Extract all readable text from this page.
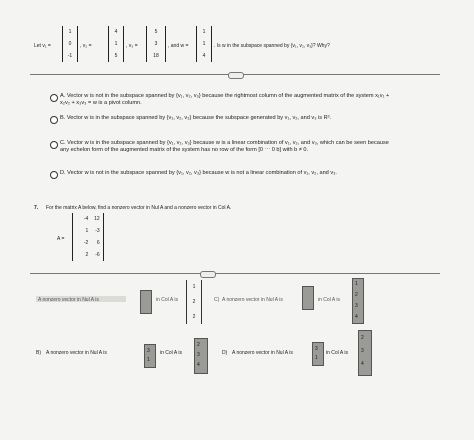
Let v₁ =
1
0
-1
, v₂ =
4
1
5
, v₃ =
5
3
18
, and w =
1
1
4
. Is w in the subspace spanned by {v₁, v₂, v₃}? Why?
A. Vector w is not in the subspace spanned by {v₁, v₂, v₃} because the rightmost column of the augmented matrix of the system x₁v₁ + x₂v₂ + x₃v₃ = w is a pivot column.
B. Vector w is in the subspace spanned by {v₁, v₂, v₃} because the subspace generated by v₁, v₂, and v₃ is R³.
C. Vector w is in the subspace spanned by {v₁, v₂, v₃} because w is a linear combination of v₁, v₂, and v₃, which can be seen because any echelon form of the augmented matrix of the system has no row of the form [0 ⋯ 0 b] with b ≠ 0.
D. Vector w is not in the subspace spanned by {v₁, v₂, v₃} because w is not a linear combination of v₁, v₂, and v₃.
7. For the matrix A below, find a nonzero vector in Nul A and a nonzero vector in Col A.
A =
-4 12
1 -3
-2 6
2 -6
A nonzero vector in Nul A is	in Col A is
1
2
2
C) A nonzero vector in Nul A is	in Col A is
1
2
3
4
B) A nonzero vector in Nul A is	3
1
in Col A is
2
3
4
D) A nonzero vector in Nul A is
3
1
in Col A is
2
3
4
